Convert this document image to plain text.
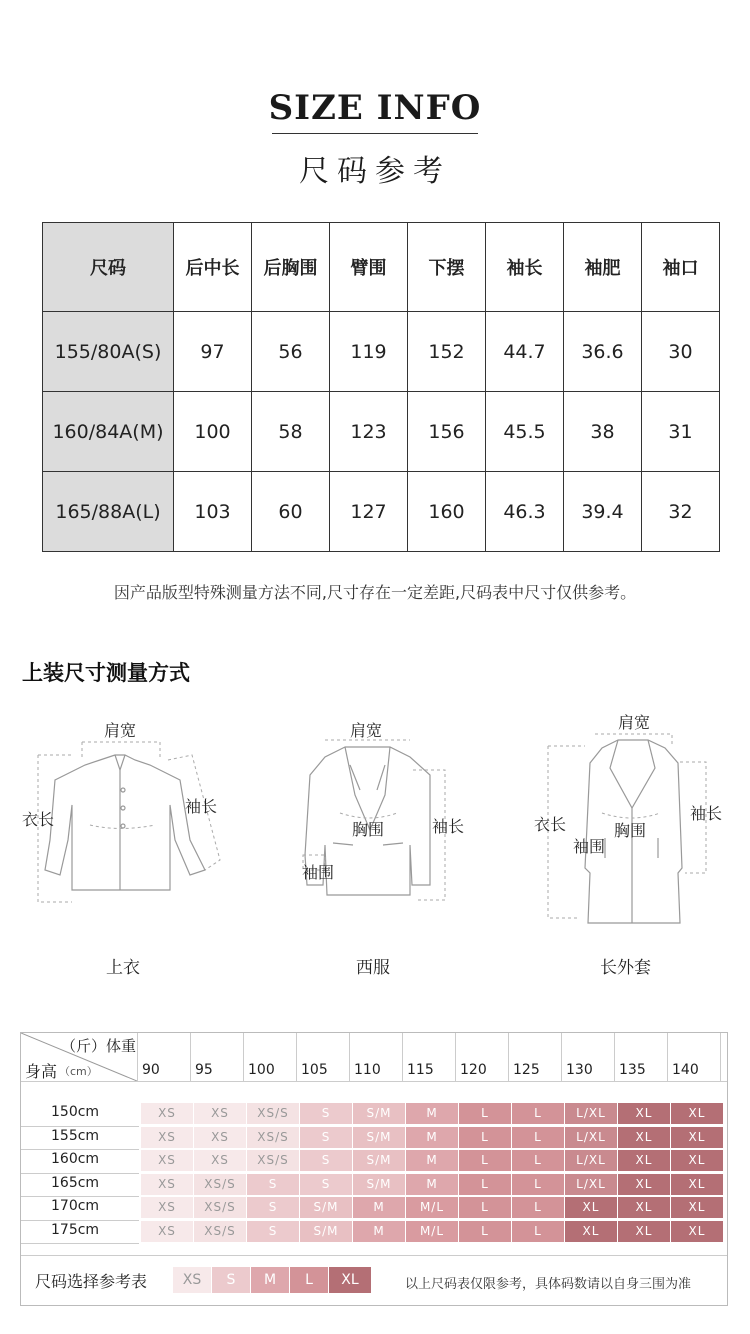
SIZE INFO
尺码参考
尺码	后中长	后胸围	臂围	下摆	袖长	袖肥	袖口
155/80A(S)	97	56	119	152	44.7	36.6	30
160/84A(M)	100	58	123	156	45.5	38	31
165/88A(L)	103	60	127	160	46.3	39.4	32
因产品版型特殊测量方法不同,尺寸存在一定差距,尺码表中尺寸仅供参考。
上装尺寸测量方式
肩宽
衣长
袖长
上衣
肩宽
胸围	袖长
袖围
西服
肩宽
衣长	胸围
袖围
袖长
长外套
（斤）体重
身高 （cm）	90	95	100 105 110 115 120 125 130 135 140
150cm	XS	XS	XS/S	S	S/M	M	L	L	L/XL	XL	XL
155cm	XS	XS	XS/S	S	S/M	M	L	L	L/XL	XL	XL
160cm	XS	XS	XS/S	S	S/M	M	L	L	L/XL	XL	XL
165cm	XS	XS/S	S	S	S/M	M	L	L	L/XL	XL	XL
170cm	XS	XS/S	S	S/M	M	M/L	L	L	XL	XL	XL
175cm	XS	XS/S	S	S/M	M	M/L	L	L	XL	XL	XL
尺码选择参考表	XS	S	M	L	XL	以上尺码表仅限参考，具体码数请以自身三围为准
